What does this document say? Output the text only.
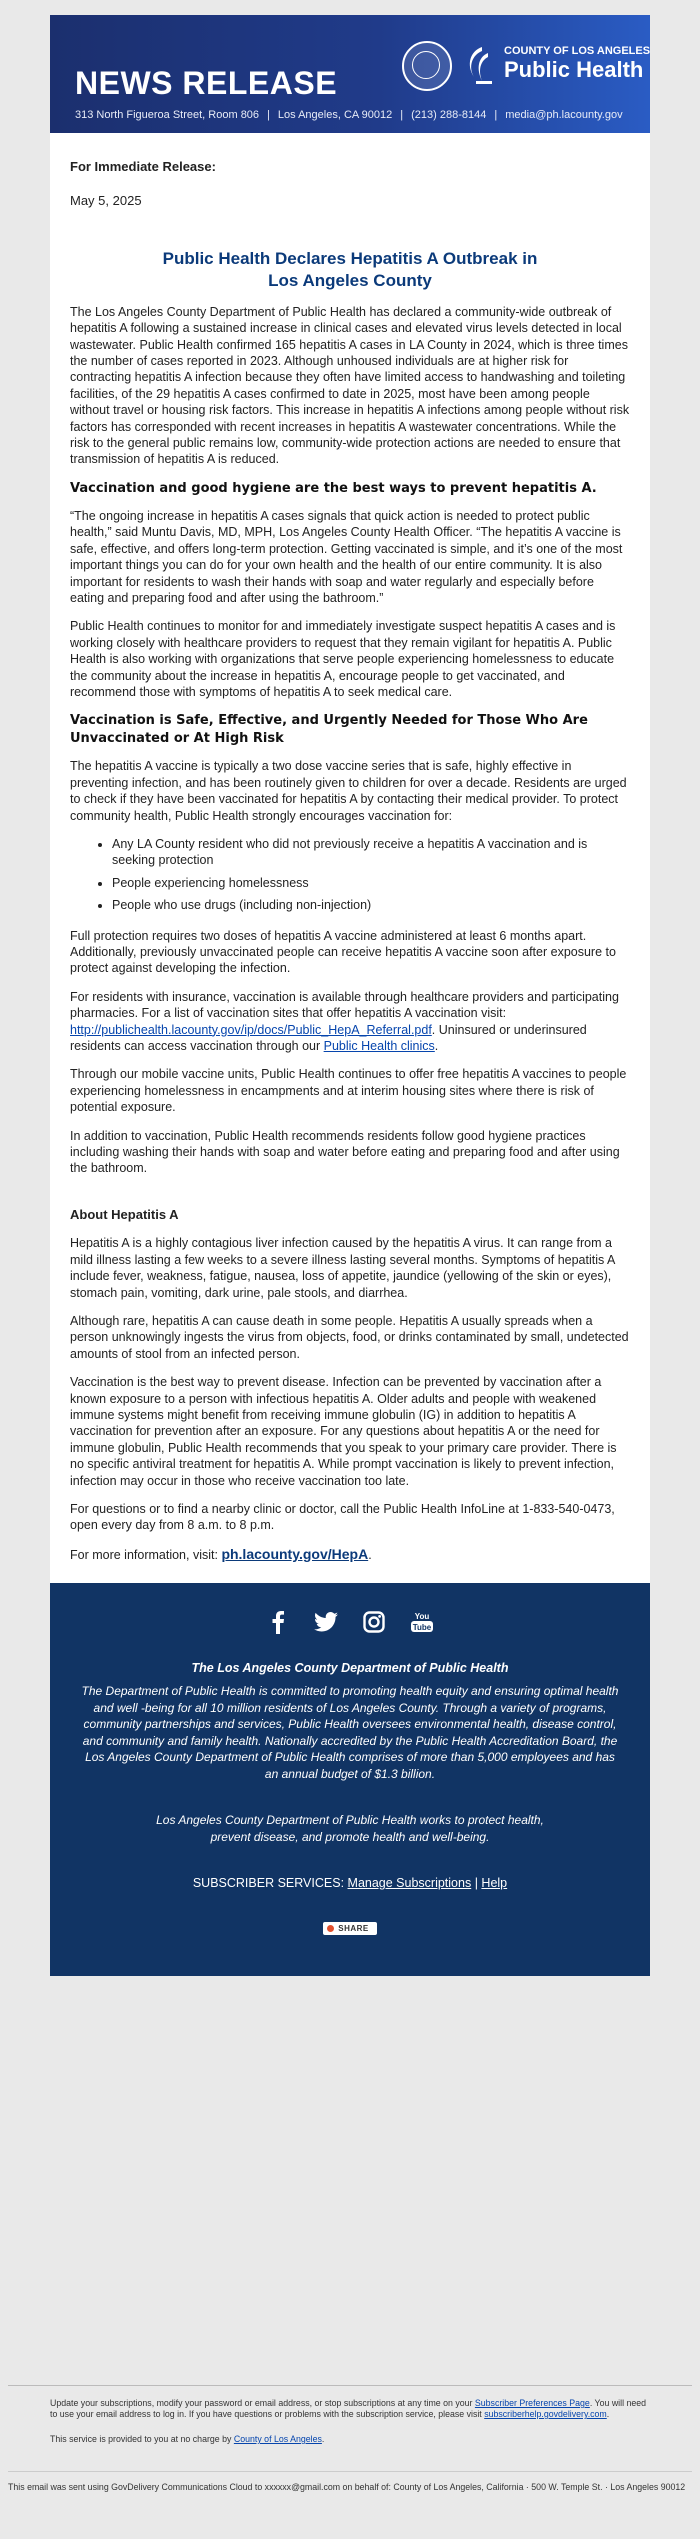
NEWS RELEASE
313 North Figueroa Street, Room 806 | Los Angeles, CA 90012 | (213) 288-8144 | media@ph.lacounty.gov
COUNTY OF LOS ANGELES
Public Health
For Immediate Release:
May 5, 2025
Public Health Declares Hepatitis A Outbreak in
Los Angeles County

The Los Angeles County Department of Public Health has declared a community-wide outbreak of hepatitis A following a sustained increase in clinical cases and elevated virus levels detected in local wastewater. Public Health confirmed 165 hepatitis A cases in LA County in 2024, which is three times the number of cases reported in 2023. Although unhoused individuals are at higher risk for contracting hepatitis A infection because they often have limited access to handwashing and toileting facilities, of the 29 hepatitis A cases confirmed to date in 2025, most have been among people without travel or housing risk factors. This increase in hepatitis A infections among people without risk factors has corresponded with recent increases in hepatitis A wastewater concentrations. While the risk to the general public remains low, community-wide protection actions are needed to ensure that transmission of hepatitis A is reduced.

Vaccination and good hygiene are the best ways to prevent hepatitis A.

“The ongoing increase in hepatitis A cases signals that quick action is needed to protect public health,” said Muntu Davis, MD, MPH, Los Angeles County Health Officer. “The hepatitis A vaccine is safe, effective, and offers long-term protection. Getting vaccinated is simple, and it’s one of the most important things you can do for your own health and the health of our entire community. It is also important for residents to wash their hands with soap and water regularly and especially before eating and preparing food and after using the bathroom.”

Public Health continues to monitor for and immediately investigate suspect hepatitis A cases and is working closely with healthcare providers to request that they remain vigilant for hepatitis A. Public Health is also working with organizations that serve people experiencing homelessness to educate the community about the increase in hepatitis A, encourage people to get vaccinated, and recommend those with symptoms of hepatitis A to seek medical care.

Vaccination is Safe, Effective, and Urgently Needed for Those Who Are Unvaccinated or At High Risk

The hepatitis A vaccine is typically a two dose vaccine series that is safe, highly effective in preventing infection, and has been routinely given to children for over a decade. Residents are urged to check if they have been vaccinated for hepatitis A by contacting their medical provider. To protect community health, Public Health strongly encourages vaccination for:

• Any LA County resident who did not previously receive a hepatitis A vaccination and is seeking protection
• People experiencing homelessness
• People who use drugs (including non-injection)

Full protection requires two doses of hepatitis A vaccine administered at least 6 months apart. Additionally, previously unvaccinated people can receive hepatitis A vaccine soon after exposure to protect against developing the infection.

For residents with insurance, vaccination is available through healthcare providers and participating pharmacies. For a list of vaccination sites that offer hepatitis A vaccination visit: http://publichealth.lacounty.gov/ip/docs/Public_HepA_Referral.pdf. Uninsured or underinsured residents can access vaccination through our Public Health clinics.

Through our mobile vaccine units, Public Health continues to offer free hepatitis A vaccines to people experiencing homelessness in encampments and at interim housing sites where there is risk of potential exposure.

In addition to vaccination, Public Health recommends residents follow good hygiene practices including washing their hands with soap and water before eating and preparing food and after using the bathroom.

About Hepatitis A

Hepatitis A is a highly contagious liver infection caused by the hepatitis A virus. It can range from a mild illness lasting a few weeks to a severe illness lasting several months. Symptoms of hepatitis A include fever, weakness, fatigue, nausea, loss of appetite, jaundice (yellowing of the skin or eyes), stomach pain, vomiting, dark urine, pale stools, and diarrhea.

Although rare, hepatitis A can cause death in some people. Hepatitis A usually spreads when a person unknowingly ingests the virus from objects, food, or drinks contaminated by small, undetected amounts of stool from an infected person.

Vaccination is the best way to prevent disease. Infection can be prevented by vaccination after a known exposure to a person with infectious hepatitis A. Older adults and people with weakened immune systems might benefit from receiving immune globulin (IG) in addition to hepatitis A vaccination for prevention after an exposure. For any questions about hepatitis A or the need for immune globulin, Public Health recommends that you speak to your primary care provider. There is no specific antiviral treatment for hepatitis A. While prompt vaccination is likely to prevent infection, infection may occur in those who receive vaccination too late.

For questions or to find a nearby clinic or doctor, call the Public Health InfoLine at 1-833-540-0473, open every day from 8 a.m. to 8 p.m.

For more information, visit: ph.lacounty.gov/HepA.

You
Tube
The Los Angeles County Department of Public Health
The Department of Public Health is committed to promoting health equity and ensuring optimal health and well -being for all 10 million residents of Los Angeles County. Through a variety of programs, community partnerships and services, Public Health oversees environmental health, disease control, and community and family health. Nationally accredited by the Public Health Accreditation Board, the Los Angeles County Department of Public Health comprises of more than 5,000 employees and has an annual budget of $1.3 billion.
Los Angeles County Department of Public Health works to protect health,
prevent disease, and promote health and well-being.
SUBSCRIBER SERVICES: Manage Subscriptions | Help
SHARE
Update your subscriptions, modify your password or email address, or stop subscriptions at any time on your Subscriber Preferences Page. You will need to use your email address to log in. If you have questions or problems with the subscription service, please visit subscriberhelp.govdelivery.com.
This service is provided to you at no charge by County of Los Angeles.
This email was sent using GovDelivery Communications Cloud to xxxxxx@gmail.com on behalf of: County of Los Angeles, California · 500 W. Temple St. · Los Angeles 90012
